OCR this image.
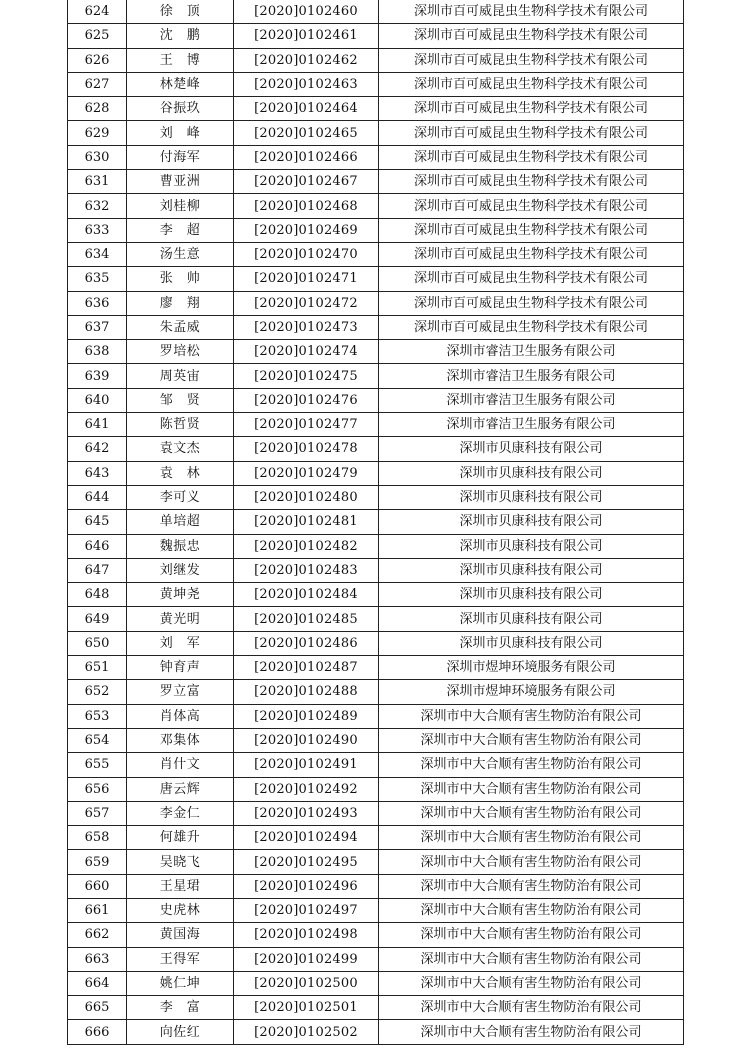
624	徐　顶	[2020]0102460	深圳市百可威昆虫生物科学技术有限公司
625	沈　鹏	[2020]0102461	深圳市百可威昆虫生物科学技术有限公司
626	王　博	[2020]0102462	深圳市百可威昆虫生物科学技术有限公司
627	林楚峰	[2020]0102463	深圳市百可威昆虫生物科学技术有限公司
628	谷振玖	[2020]0102464	深圳市百可威昆虫生物科学技术有限公司
629	刘　峰	[2020]0102465	深圳市百可威昆虫生物科学技术有限公司
630	付海军	[2020]0102466	深圳市百可威昆虫生物科学技术有限公司
631	曹亚洲	[2020]0102467	深圳市百可威昆虫生物科学技术有限公司
632	刘桂柳	[2020]0102468	深圳市百可威昆虫生物科学技术有限公司
633	李　超	[2020]0102469	深圳市百可威昆虫生物科学技术有限公司
634	汤生意	[2020]0102470	深圳市百可威昆虫生物科学技术有限公司
635	张　帅	[2020]0102471	深圳市百可威昆虫生物科学技术有限公司
636	廖　翔	[2020]0102472	深圳市百可威昆虫生物科学技术有限公司
637	朱孟威	[2020]0102473	深圳市百可威昆虫生物科学技术有限公司
638	罗培松	[2020]0102474	深圳市睿洁卫生服务有限公司
639	周英宙	[2020]0102475	深圳市睿洁卫生服务有限公司
640	邹　贤	[2020]0102476	深圳市睿洁卫生服务有限公司
641	陈哲贤	[2020]0102477	深圳市睿洁卫生服务有限公司
642	袁文杰	[2020]0102478	深圳市贝康科技有限公司
643	袁　林	[2020]0102479	深圳市贝康科技有限公司
644	李可义	[2020]0102480	深圳市贝康科技有限公司
645	单培超	[2020]0102481	深圳市贝康科技有限公司
646	魏振忠	[2020]0102482	深圳市贝康科技有限公司
647	刘继发	[2020]0102483	深圳市贝康科技有限公司
648	黄坤尧	[2020]0102484	深圳市贝康科技有限公司
649	黄光明	[2020]0102485	深圳市贝康科技有限公司
650	刘　军	[2020]0102486	深圳市贝康科技有限公司
651	钟育声	[2020]0102487	深圳市煜坤环境服务有限公司
652	罗立富	[2020]0102488	深圳市煜坤环境服务有限公司
653	肖体高	[2020]0102489	深圳市中大合顺有害生物防治有限公司
654	邓集体	[2020]0102490	深圳市中大合顺有害生物防治有限公司
655	肖什文	[2020]0102491	深圳市中大合顺有害生物防治有限公司
656	唐云辉	[2020]0102492	深圳市中大合顺有害生物防治有限公司
657	李金仁	[2020]0102493	深圳市中大合顺有害生物防治有限公司
658	何雄升	[2020]0102494	深圳市中大合顺有害生物防治有限公司
659	吴晓飞	[2020]0102495	深圳市中大合顺有害生物防治有限公司
660	王星珺	[2020]0102496	深圳市中大合顺有害生物防治有限公司
661	史虎林	[2020]0102497	深圳市中大合顺有害生物防治有限公司
662	黄国海	[2020]0102498	深圳市中大合顺有害生物防治有限公司
663	王得军	[2020]0102499	深圳市中大合顺有害生物防治有限公司
664	姚仁坤	[2020]0102500	深圳市中大合顺有害生物防治有限公司
665	李　富	[2020]0102501	深圳市中大合顺有害生物防治有限公司
666	向佐红	[2020]0102502	深圳市中大合顺有害生物防治有限公司
